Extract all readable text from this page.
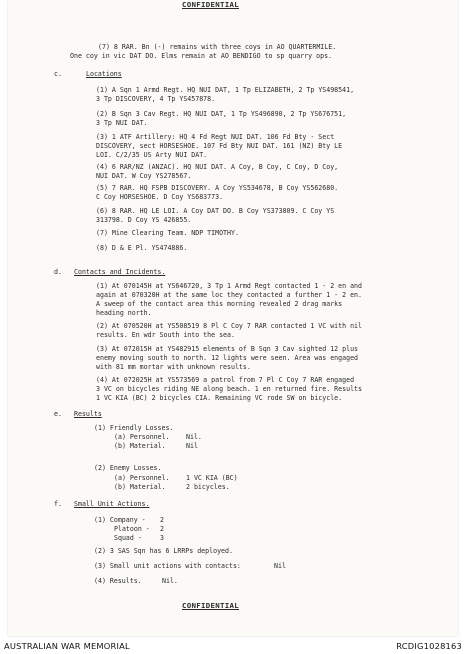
CONFIDENTIAL
(7) 8 RAR. Bn (-) remains with three coys in AO QUARTERMILE.
One coy in vic DAT DO. Elms remain at AO BENDIGO to sp quarry ops.
c.	Locations
(1) A Sqn 1 Armd Regt. HQ NUI DAT, 1 Tp ELIZABETH, 2 Tp YS498541,
3 Tp DISCOVERY, 4 Tp YS457878.
(2) B Sqn 3 Cav Regt. HQ NUI DAT, 1 Tp YS496890, 2 Tp YS676751,
3 Tp NUI DAT.
(3) 1 ATF Artillery: HQ 4 Fd Regt NUI DAT. 106 Fd Bty - Sect
DISCOVERY, sect HORSESHOE. 107 Fd Bty NUI DAT. 161 (NZ) Bty LE
LOI. C/2/35 US Arty NUI DAT.
(4) 6 RAR/NZ (ANZAC). HQ NUI DAT. A Coy, B Coy, C Coy, D Coy,
NUI DAT. W Coy YS278567.
(5) 7 RAR. HQ FSPB DISCOVERY. A Coy YS534678, B Coy YS562680.
C Coy HORSESHOE. D Coy YS683773.
(6) 8 RAR. HQ LE LOI. A Coy DAT DO. B Coy YS373809. C Coy YS
313798. D Coy YS 426855.
(7) Mine Clearing Team. NDP TIMOTHY.
(8) D & E Pl. YS474886.
d. Contacts and Incidents.
(1) At 070145H at YS646720, 3 Tp 1 Armd Regt contacted 1 - 2 en and
again at 070320H at the same loc they contacted a further 1 - 2 en.
A sweep of the contact area this morning revealed 2 drag marks
heading north.
(2) At 070520H at YS508519 8 Pl C Coy 7 RAR contacted 1 VC with nil
results. En wdr South into the sea.
(3) At 072015H at YS482915 elements of B Sqn 3 Cav sighted 12 plus
enemy moving south to north. 12 lights were seen. Area was engaged
with 81 mm mortar with unknown results.
(4) At 072025H at YS573569 a patrol from 7 Pl C Coy 7 RAR engaged
3 VC on bicycles riding NE along beach. 1 en returned fire. Results
1 VC KIA (BC) 2 bicycles CIA. Remaining VC rode SW on bicycle.
e. Results
(1) Friendly Losses.
(a) Personnel. Nil.
(b) Material.	Nil
(2) Enemy Losses.
(a) Personnel. 1 VC KIA (BC)
(b) Material.	2 bicycles.
f. Small Unit Actions.
(1) Company - 2
Platoon - 2
Squad -	3
(2) 3 SAS Sqn has 6 LRRPs deployed.
(3) Small unit actions with contacts:	Nil
(4) Results.	Nil.
CONFIDENTIAL
AUSTRALIAN WAR MEMORIAL	RCDIG1028163
